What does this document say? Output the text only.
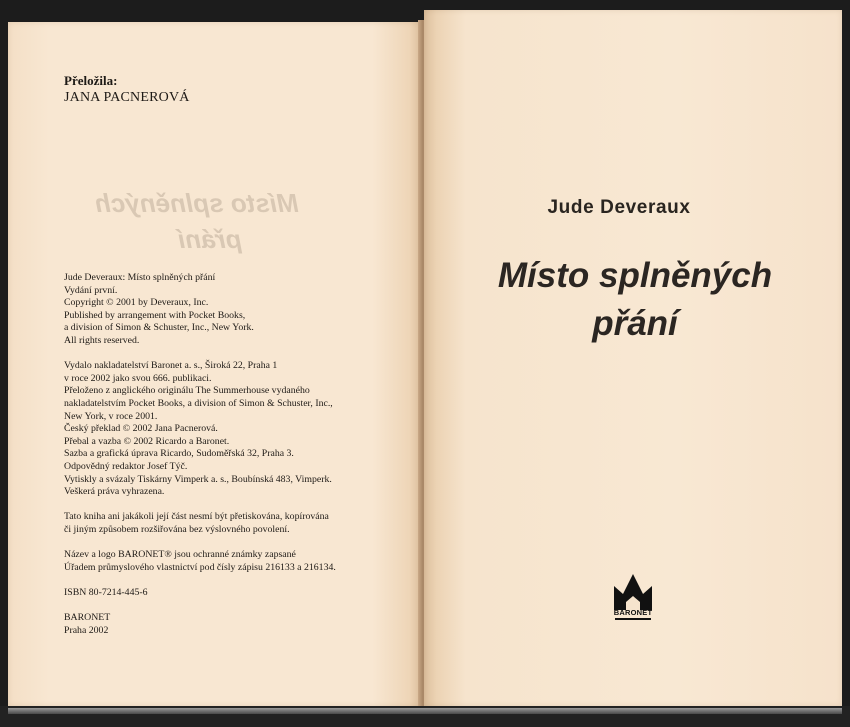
Přeložila:
JANA PACNEROVÁ
Místo splněných
přání
Jude Deveraux: Místo splněných přání
Vydání první.
Copyright © 2001 by Deveraux, Inc.
Published by arrangement with Pocket Books,
a division of Simon & Schuster, Inc., New York.
All rights reserved.
Vydalo nakladatelství Baronet a. s., Široká 22, Praha 1
v roce 2002 jako svou 666. publikaci.
Přeloženo z anglického originálu The Summerhouse vydaného
nakladatelstvím Pocket Books, a division of Simon & Schuster, Inc.,
New York, v roce 2001.
Český překlad © 2002 Jana Pacnerová.
Přebal a vazba © 2002 Ricardo a Baronet.
Sazba a grafická úprava Ricardo, Sudoměřská 32, Praha 3.
Odpovědný redaktor Josef Týč.
Vytiskly a svázaly Tiskárny Vimperk a. s., Boubínská 483, Vimperk.
Veškerá práva vyhrazena.
Tato kniha ani jakákoli její část nesmí být přetiskována, kopírována
či jiným způsobem rozšiřována bez výslovného povolení.
Název a logo BARONET® jsou ochranné známky zapsané
Úřadem průmyslového vlastnictví pod čísly zápisu 216133 a 216134.
ISBN 80-7214-445-6
BARONET
Praha 2002
Jude Deveraux
Místo splněných
přání
BARONET
